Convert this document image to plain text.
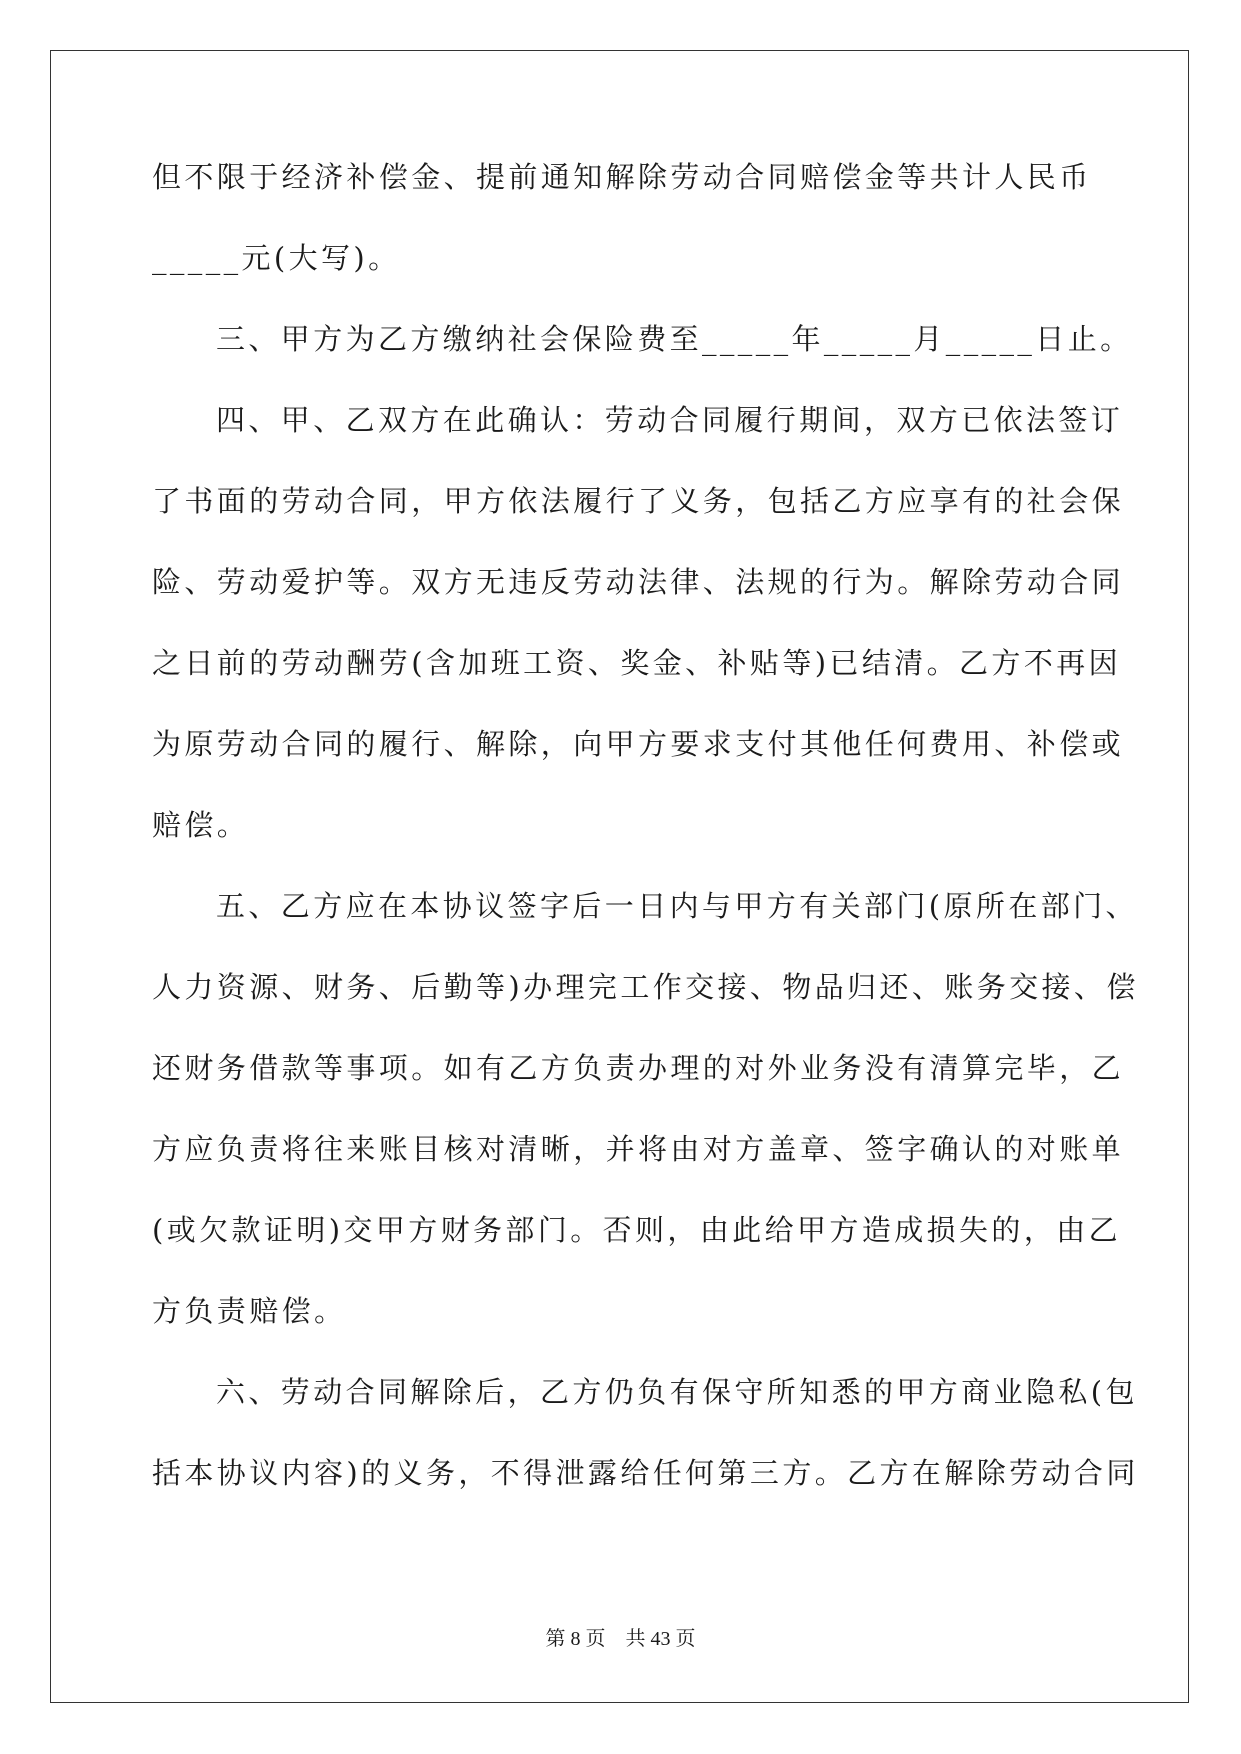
但不限于经济补偿金、提前通知解除劳动合同赔偿金等共计人民币
_____元(大写)。
三、甲方为乙方缴纳社会保险费至_____年_____月_____日止。
四、甲、乙双方在此确认：劳动合同履行期间，双方已依法签订
了书面的劳动合同，甲方依法履行了义务，包括乙方应享有的社会保
险、劳动爱护等。双方无违反劳动法律、法规的行为。解除劳动合同
之日前的劳动酬劳(含加班工资、奖金、补贴等)已结清。乙方不再因
为原劳动合同的履行、解除，向甲方要求支付其他任何费用、补偿或
赔偿。
五、乙方应在本协议签字后一日内与甲方有关部门(原所在部门、
人力资源、财务、后勤等)办理完工作交接、物品归还、账务交接、偿
还财务借款等事项。如有乙方负责办理的对外业务没有清算完毕，乙
方应负责将往来账目核对清晰，并将由对方盖章、签字确认的对账单
(或欠款证明)交甲方财务部门。否则，由此给甲方造成损失的，由乙
方负责赔偿。
六、劳动合同解除后，乙方仍负有保守所知悉的甲方商业隐私(包
括本协议内容)的义务，不得泄露给任何第三方。乙方在解除劳动合同
第 8 页　共 43 页
